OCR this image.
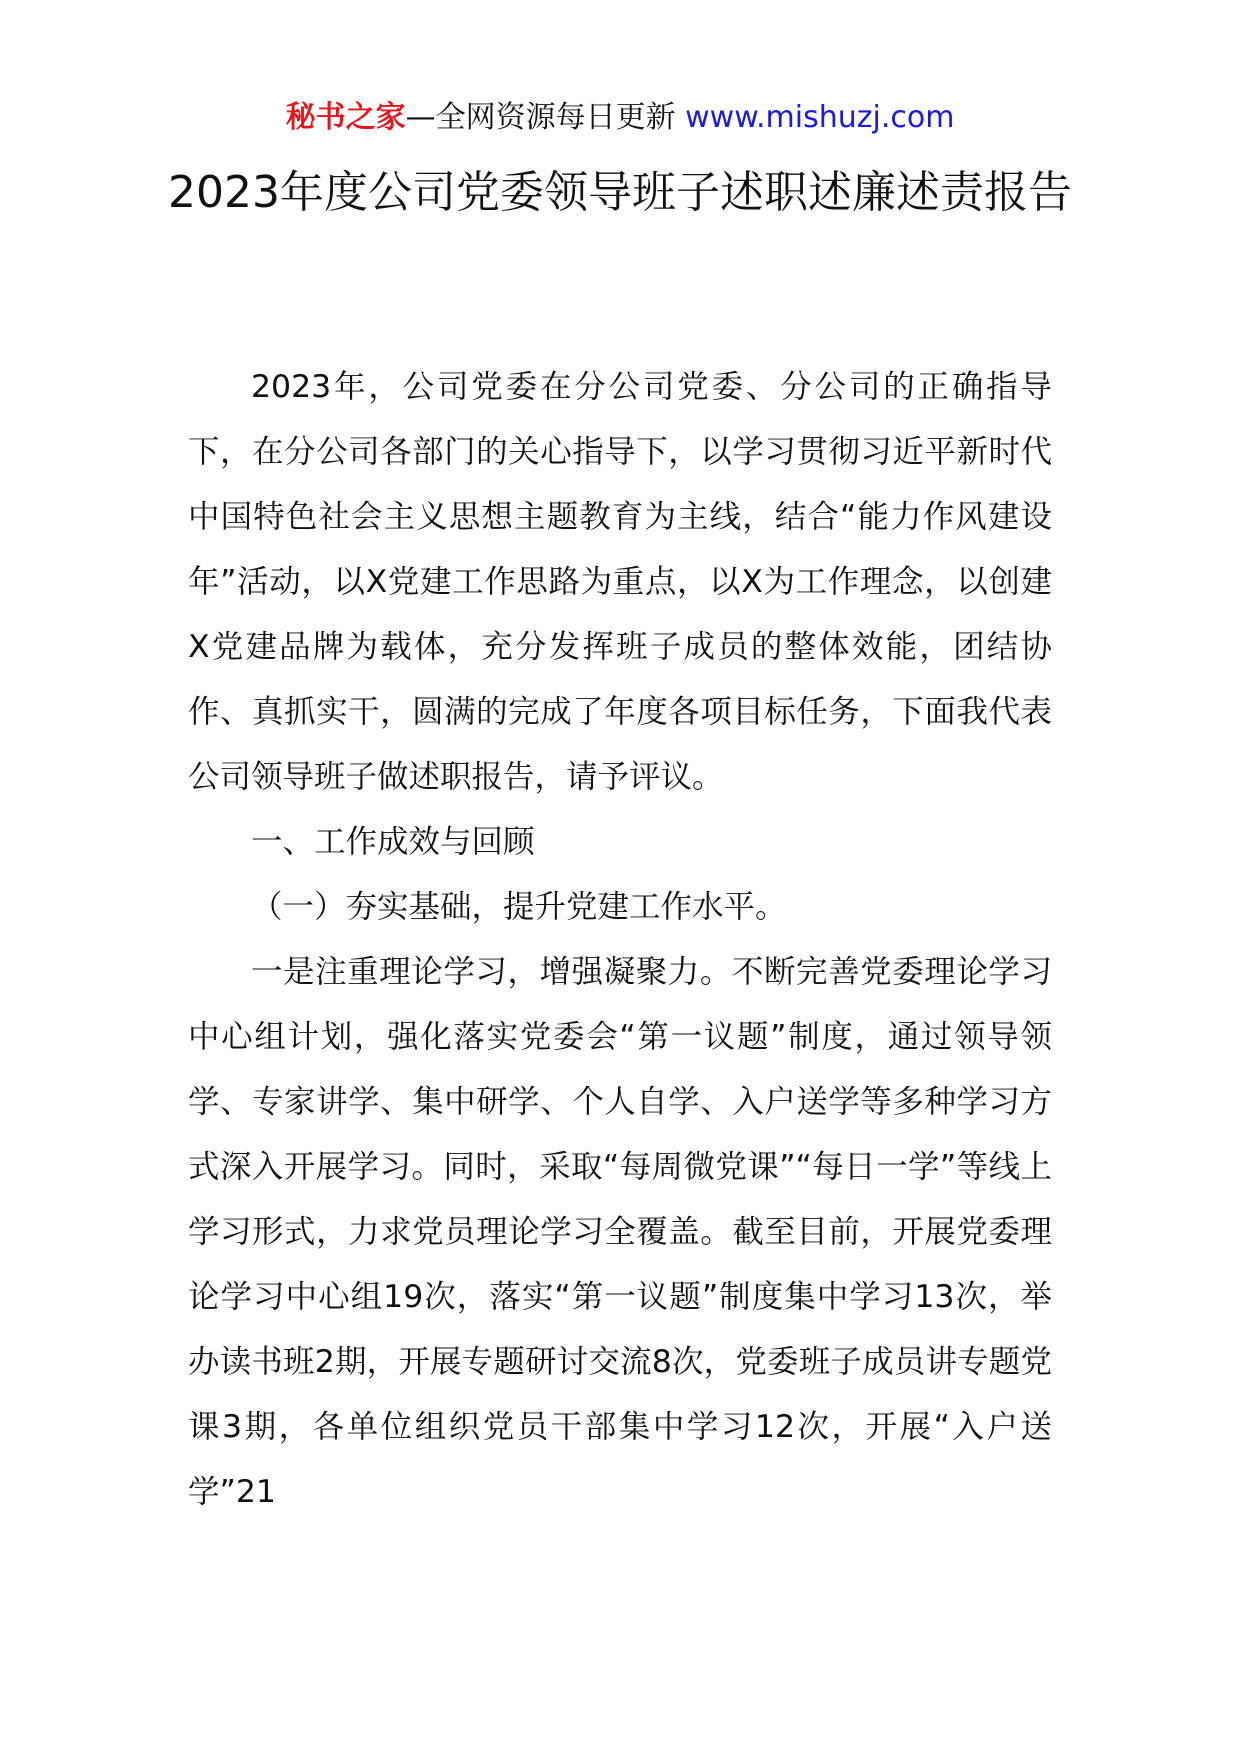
秘书之家—全网资源每日更新 www.mishuzj.com
2023年度公司党委领导班子述职述廉述责报告

2023年，公司党委在分公司党委、分公司的正确指导下，在分公司各部门的关心指导下，以学习贯彻习近平新时代中国特色社会主义思想主题教育为主线，结合“能力作风建设年”活动，以X党建工作思路为重点，以X为工作理念，以创建X党建品牌为载体，充分发挥班子成员的整体效能，团结协作、真抓实干，圆满的完成了年度各项目标任务，下面我代表公司领导班子做述职报告，请予评议。

一、工作成效与回顾

（一）夯实基础，提升党建工作水平。

一是注重理论学习，增强凝聚力。不断完善党委理论学习中心组计划，强化落实党委会“第一议题”制度，通过领导领学、专家讲学、集中研学、个人自学、入户送学等多种学习方式深入开展学习。同时，采取“每周微党课”“每日一学”等线上学习形式，力求党员理论学习全覆盖。截至目前，开展党委理论学习中心组19次，落实“第一议题”制度集中学习13次，举办读书班2期，开展专题研讨交流8次，党委班子成员讲专题党课3期，各单位组织党员干部集中学习12次，开展“入户送学”21
